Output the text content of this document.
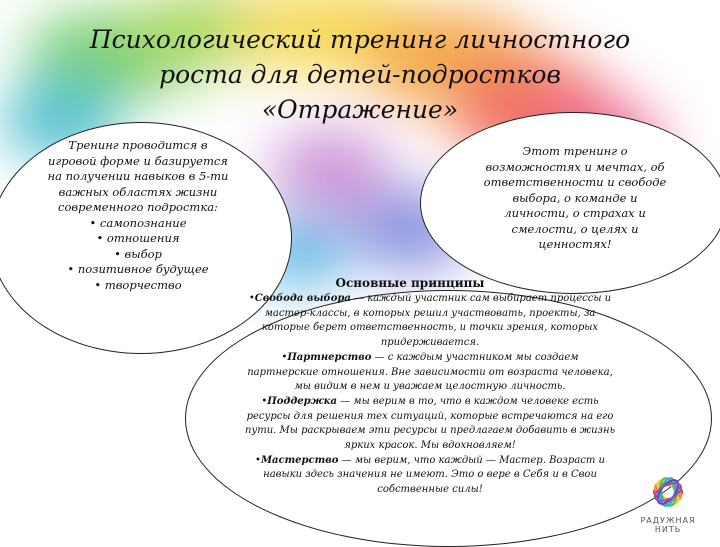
Психологический тренинг личностного
роста для детей-подростков
«Отражение»
Тренинг проводится в
игровой форме и базируется
на получении навыков в 5-ти
важных областях жизни
современного подростка:
• самопознание
• отношения
• выбор
• позитивное будущее
• творчество
Этот тренинг о
возможностях и мечтах, об
ответственности и свободе
выбора, о команде и
личности, о страхах и
смелости, о целях и
ценностях!
Основные принципы
•Свобода выбора — каждый участник сам выбирает процессы и мастер-классы, в которых решил участвовать, проекты, за которые берет ответственность, и точки зрения, которых придерживается.
•Партнерство — с каждым участником мы создаем партнерские отношения. Вне зависимости от возраста человека, мы видим в нем и уважаем целостную личность.
•Поддержка — мы верим в то, что в каждом человеке есть ресурсы для решения тех ситуаций, которые встречаются на его пути. Мы раскрываем эти ресурсы и предлагаем добавить в жизнь ярких красок. Мы вдохновляем!
•Мастерство — мы верим, что каждый — Мастер. Возраст и навыки здесь значения не имеют. Это о вере в Себя и в Свои собственные силы!
РАДУЖНАЯ НИТЬ
